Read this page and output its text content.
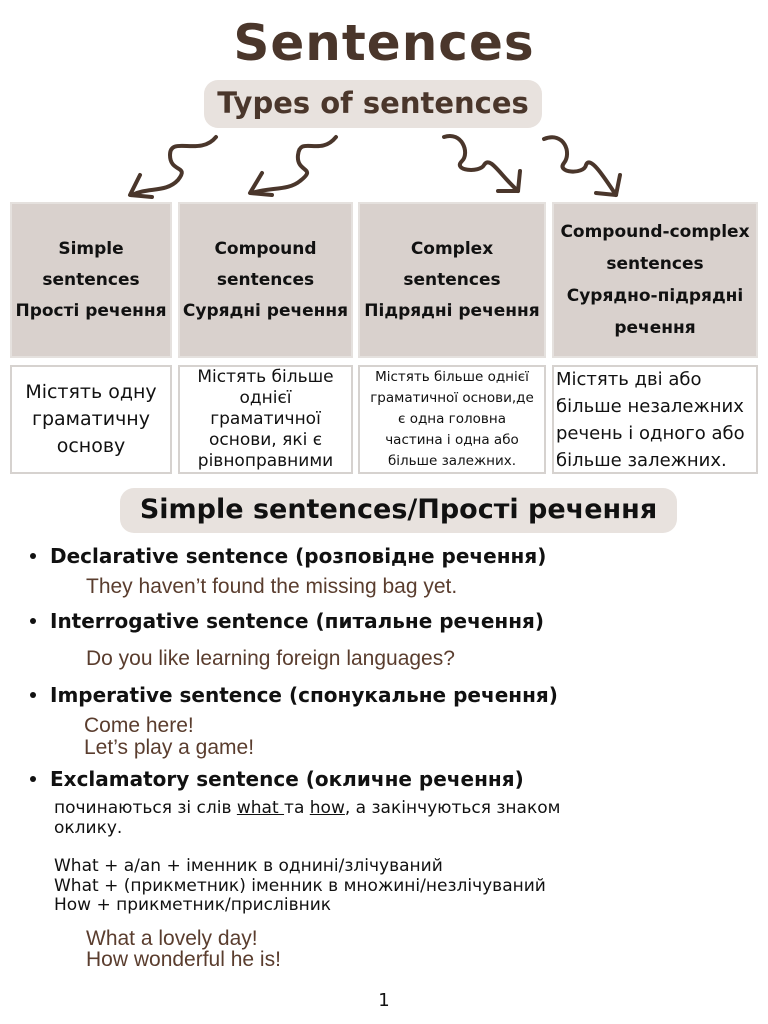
Sentences
Types of sentences
Simple
sentences
Прості речення
Compound
sentences
Сурядні речення
Complex
sentences
Підрядні речення
Compound-complex
sentences
Сурядно-підрядні
речення
Містять одну
граматичну
основу
Містять більше
однієї
граматичної
основи, які є
рівноправними
Містять більше однієї
граматичної основи,де
є одна головна
частина і одна або
більше залежних.
Містять дві або
більше незалежних
речень і одного або
більше залежних.
Simple sentences/Прості речення
Declarative sentence (розповідне речення)
They haven’t found the missing bag yet.
Interrogative sentence (питальне речення)
Do you like learning foreign languages?
Imperative sentence (спонукальне речення)
Come here!
Let’s play a game!
Exclamatory sentence (окличне речення)
починаються зі слів what та how, а закінчуються знаком
оклику.
What + a/an + іменник в однині/злічуваний
What + (прикметник) іменник в множині/незлічуваний
How + прикметник/прислівник
What a lovely day!
How wonderful he is!
1
